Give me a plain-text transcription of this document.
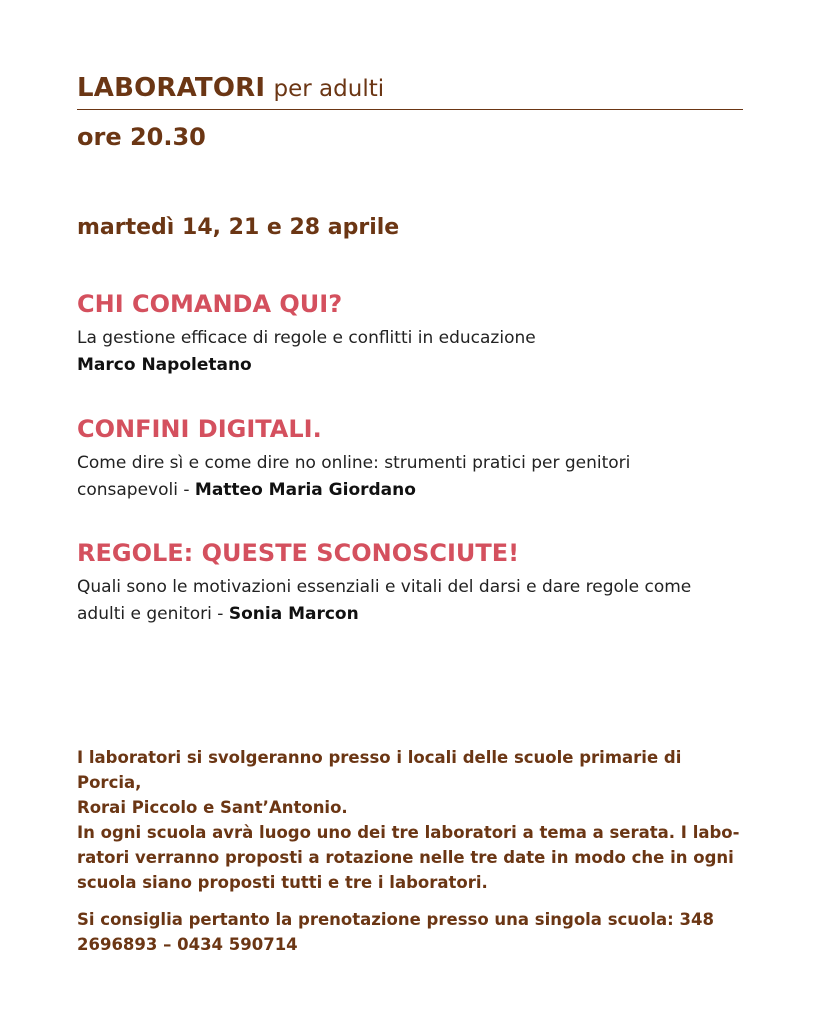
LABORATORI per adulti
ore 20.30
martedì 14, 21 e 28 aprile
CHI COMANDA QUI?
La gestione efficace di regole e conflitti in educazione
Marco Napoletano
CONFINI DIGITALI.
Come dire sì e come dire no online: strumenti pratici per genitori
consapevoli - Matteo Maria Giordano
REGOLE: QUESTE SCONOSCIUTE!
Quali sono le motivazioni essenziali e vitali del darsi e dare regole come
adulti e genitori - Sonia Marcon

I laboratori si svolgeranno presso i locali delle scuole primarie di Porcia,
Rorai Piccolo e Sant’Antonio.
In ogni scuola avrà luogo uno dei tre laboratori a tema a serata. I labo-
ratori verranno proposti a rotazione nelle tre date in modo che in ogni
scuola siano proposti tutti e tre i laboratori.

Si consiglia pertanto la prenotazione presso una singola scuola: 348
2696893 – 0434 590714
